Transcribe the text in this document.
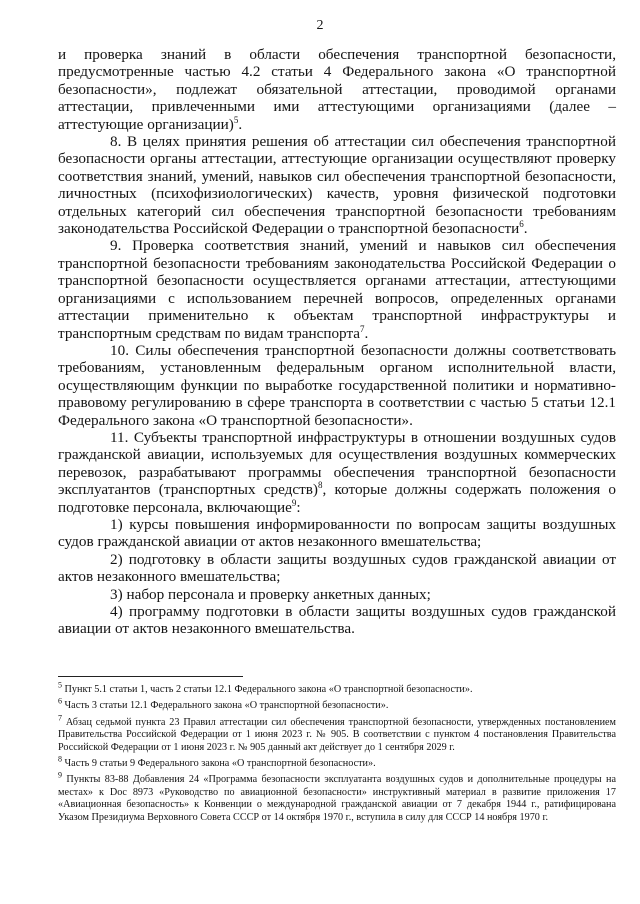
2

и проверка знаний в области обеспечения транспортной безопасности, предусмотренные частью 4.2 статьи 4 Федерального закона «О транспортной безопасности», подлежат обязательной аттестации, проводимой органами аттестации, привлеченными ими аттестующими организациями (далее – аттестующие организации)$^5$.

8. В целях принятия решения об аттестации сил обеспечения транспортной безопасности органы аттестации, аттестующие организации осуществляют проверку соответствия знаний, умений, навыков сил обеспечения транспортной безопасности, личностных (психофизиологических) качеств, уровня физической подготовки отдельных категорий сил обеспечения транспортной безопасности требованиям законодательства Российской Федерации о транспортной безопасности$^6$.

9. Проверка соответствия знаний, умений и навыков сил обеспечения транспортной безопасности требованиям законодательства Российской Федерации о транспортной безопасности осуществляется органами аттестации, аттестующими организациями с использованием перечней вопросов, определенных органами аттестации применительно к объектам транспортной инфраструктуры и транспортным средствам по видам транспорта$^7$.

10. Силы обеспечения транспортной безопасности должны соответствовать требованиям, установленным федеральным органом исполнительной власти, осуществляющим функции по выработке государственной политики и нормативно-правовому регулированию в сфере транспорта в соответствии с частью 5 статьи 12.1 Федерального закона «О транспортной безопасности».

11. Субъекты транспортной инфраструктуры в отношении воздушных судов гражданской авиации, используемых для осуществления воздушных коммерческих перевозок, разрабатывают программы обеспечения транспортной безопасности эксплуатантов (транспортных средств)$^8$, которые должны содержать положения о подготовке персонала, включающие$^9$:

1) курсы повышения информированности по вопросам защиты воздушных судов гражданской авиации от актов незаконного вмешательства;

2) подготовку в области защиты воздушных судов гражданской авиации от актов незаконного вмешательства;

3) набор персонала и проверку анкетных данных;

4) программу подготовки в области защиты воздушных судов гражданской авиации от актов незаконного вмешательства.

$^5$ Пункт 5.1 статьи 1, часть 2 статьи 12.1 Федерального закона «О транспортной безопасности».

$^6$ Часть 3 статьи 12.1 Федерального закона «О транспортной безопасности».

$^7$ Абзац седьмой пункта 23 Правил аттестации сил обеспечения транспортной безопасности, утвержденных постановлением Правительства Российской Федерации от 1 июня 2023 г. № 905. В соответствии с пунктом 4 постановления Правительства Российской Федерации от 1 июня 2023 г. № 905 данный акт действует до 1 сентября 2029 г.

$^8$ Часть 9 статьи 9 Федерального закона «О транспортной безопасности».

$^9$ Пункты 83-88 Добавления 24 «Программа безопасности эксплуатанта воздушных судов и дополнительные процедуры на местах» к Doc 8973 «Руководство по авиационной безопасности» инструктивный материал в развитие приложения 17 «Авиационная безопасность» к Конвенции о международной гражданской авиации от 7 декабря 1944 г., ратифицирована Указом Президиума Верховного Совета СССР от 14 октября 1970 г., вступила в силу для СССР 14 ноября 1970 г.
